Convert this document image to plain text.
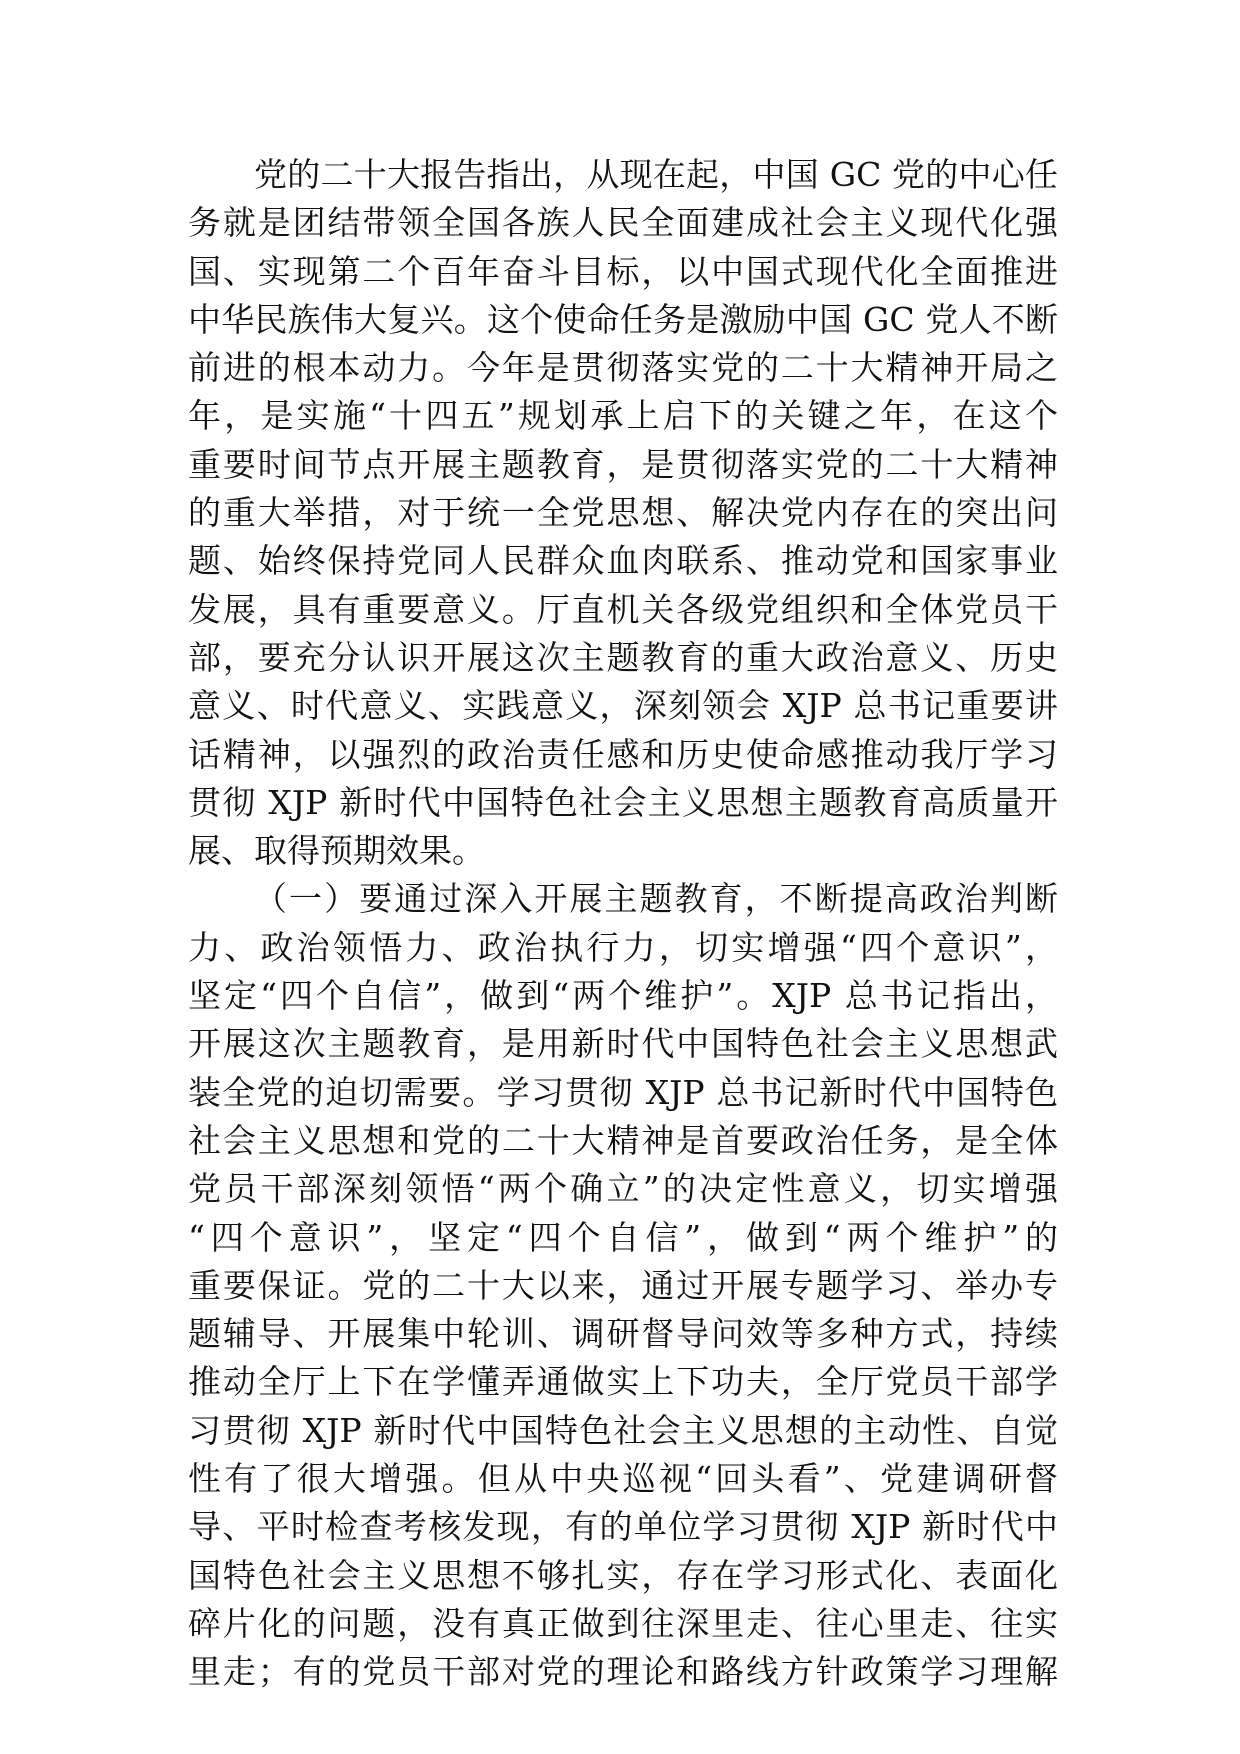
党的二十大报告指出，从现在起，中国 GC 党的中心任
务就是团结带领全国各族人民全面建成社会主义现代化强
国、实现第二个百年奋斗目标，以中国式现代化全面推进
中华民族伟大复兴。这个使命任务是激励中国 GC 党人不断
前进的根本动力。今年是贯彻落实党的二十大精神开局之
年，是实施“十四五”规划承上启下的关键之年，在这个
重要时间节点开展主题教育，是贯彻落实党的二十大精神
的重大举措，对于统一全党思想、解决党内存在的突出问
题、始终保持党同人民群众血肉联系、推动党和国家事业
发展，具有重要意义。厅直机关各级党组织和全体党员干
部，要充分认识开展这次主题教育的重大政治意义、历史
意义、时代意义、实践意义，深刻领会 XJP 总书记重要讲
话精神，以强烈的政治责任感和历史使命感推动我厅学习
贯彻 XJP 新时代中国特色社会主义思想主题教育高质量开
展、取得预期效果。
（一）要通过深入开展主题教育，不断提高政治判断
力、政治领悟力、政治执行力，切实增强“四个意识”，
坚定“四个自信”，做到“两个维护”。XJP 总书记指出，
开展这次主题教育，是用新时代中国特色社会主义思想武
装全党的迫切需要。学习贯彻 XJP 总书记新时代中国特色
社会主义思想和党的二十大精神是首要政治任务，是全体
党员干部深刻领悟“两个确立”的决定性意义，切实增强
“四个意识”，坚定“四个自信”，做到“两个维护”的
重要保证。党的二十大以来，通过开展专题学习、举办专
题辅导、开展集中轮训、调研督导问效等多种方式，持续
推动全厅上下在学懂弄通做实上下功夫，全厅党员干部学
习贯彻 XJP 新时代中国特色社会主义思想的主动性、自觉
性有了很大增强。但从中央巡视“回头看”、党建调研督
导、平时检查考核发现，有的单位学习贯彻 XJP 新时代中
国特色社会主义思想不够扎实，存在学习形式化、表面化
碎片化的问题，没有真正做到往深里走、往心里走、往实
里走；有的党员干部对党的理论和路线方针政策学习理解
